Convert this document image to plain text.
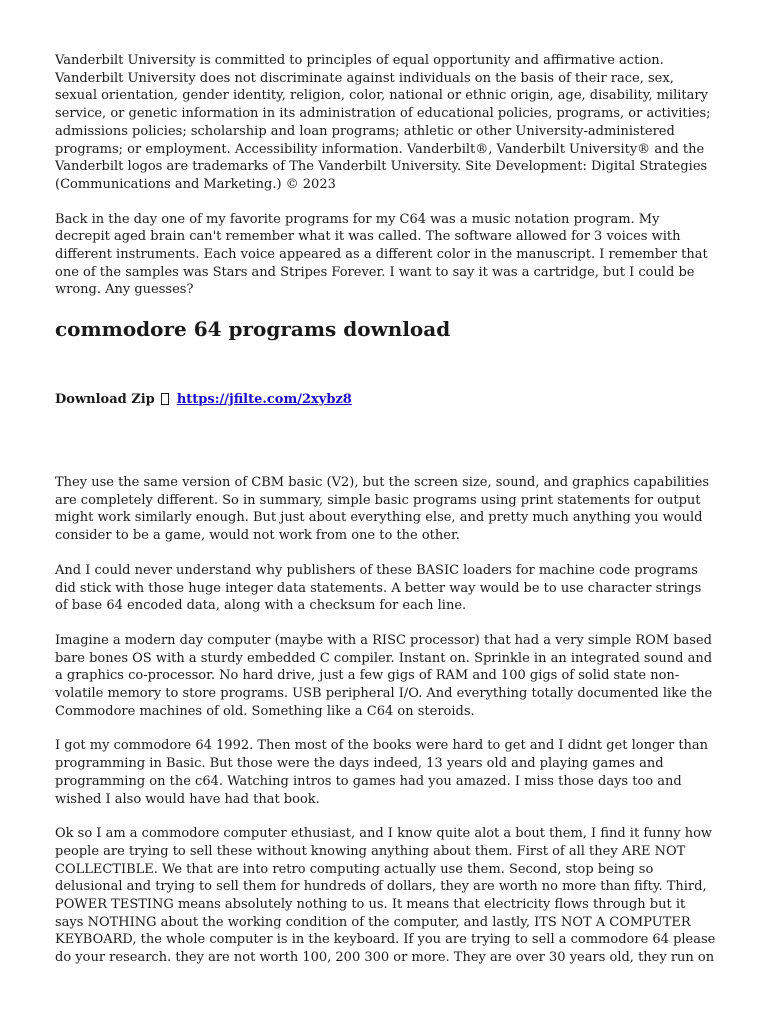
Vanderbilt University is committed to principles of equal opportunity and affirmative action. Vanderbilt University does not discriminate against individuals on the basis of their race, sex, sexual orientation, gender identity, religion, color, national or ethnic origin, age, disability, military service, or genetic information in its administration of educational policies, programs, or activities; admissions policies; scholarship and loan programs; athletic or other University-administered programs; or employment. Accessibility information. Vanderbilt®, Vanderbilt University® and the Vanderbilt logos are trademarks of The Vanderbilt University. Site Development: Digital Strategies (Communications and Marketing.) © 2023

Back in the day one of my favorite programs for my C64 was a music notation program. My decrepit aged brain can't remember what it was called. The software allowed for 3 voices with different instruments. Each voice appeared as a different color in the manuscript. I remember that one of the samples was Stars and Stripes Forever. I want to say it was a cartridge, but I could be wrong. Any guesses?

commodore 64 programs download
Download Zip https://jfilte.com/2xybz8

They use the same version of CBM basic (V2), but the screen size, sound, and graphics capabilities are completely different. So in summary, simple basic programs using print statements for output might work similarly enough. But just about everything else, and pretty much anything you would consider to be a game, would not work from one to the other.

And I could never understand why publishers of these BASIC loaders for machine code programs did stick with those huge integer data statements. A better way would be to use character strings of base 64 encoded data, along with a checksum for each line.

Imagine a modern day computer (maybe with a RISC processor) that had a very simple ROM based bare bones OS with a sturdy embedded C compiler. Instant on. Sprinkle in an integrated sound and a graphics co-processor. No hard drive, just a few gigs of RAM and 100 gigs of solid state non-volatile memory to store programs. USB peripheral I/O. And everything totally documented like the Commodore machines of old. Something like a C64 on steroids.

I got my commodore 64 1992. Then most of the books were hard to get and I didnt get longer than programming in Basic. But those were the days indeed, 13 years old and playing games and programming on the c64. Watching intros to games had you amazed. I miss those days too and wished I also would have had that book.

Ok so I am a commodore computer ethusiast, and I know quite alot a bout them, I find it funny how people are trying to sell these without knowing anything about them. First of all they ARE NOT COLLECTIBLE. We that are into retro computing actually use them. Second, stop being so delusional and trying to sell them for hundreds of dollars, they are worth no more than fifty. Third, POWER TESTING means absolutely nothing to us. It means that electricity flows through but it says NOTHING about the working condition of the computer, and lastly, ITS NOT A COMPUTER KEYBOARD, the whole computer is in the keyboard. If you are trying to sell a commodore 64 please do your research. they are not worth 100, 200 300 or more. They are over 30 years old, they run on
